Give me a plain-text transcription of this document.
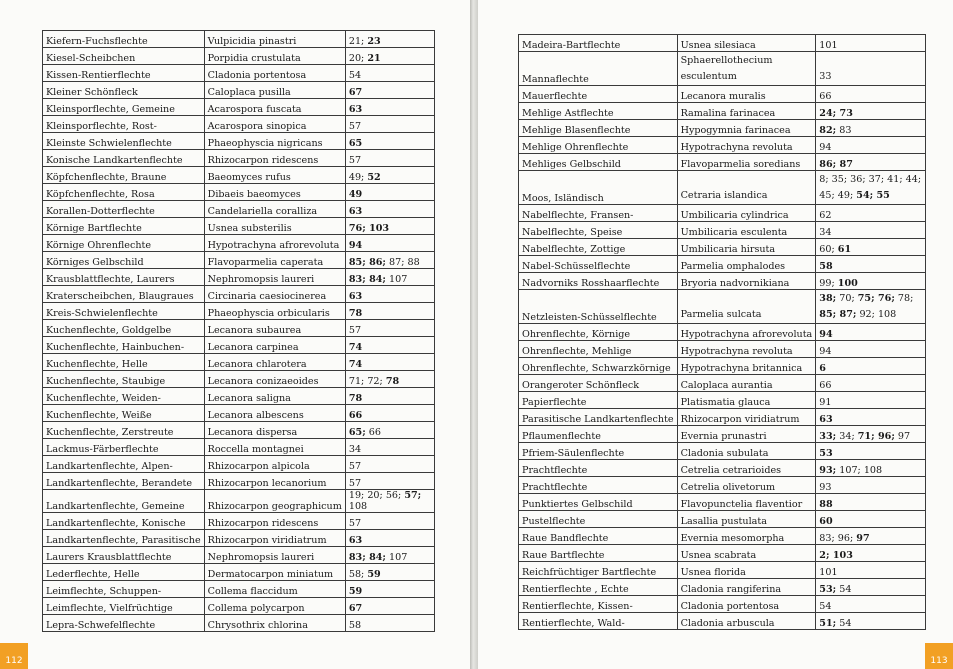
Kiefern-Fuchsflechte	Vulpicidia pinastri	21; 23
Kiesel-Scheibchen	Porpidia crustulata	20; 21
Kissen-Rentierflechte	Cladonia portentosa	54
Kleiner Schönfleck	Caloplaca pusilla	67
Kleinsporflechte, Gemeine	Acarospora fuscata	63
Kleinsporflechte, Rost-	Acarospora sinopica	57
Kleinste Schwielenflechte	Phaeophyscia nigricans	65
Konische Landkartenflechte	Rhizocarpon ridescens	57
Köpfchenflechte, Braune	Baeomyces rufus	49; 52
Köpfchenflechte, Rosa	Dibaeis baeomyces	49
Korallen-Dotterflechte	Candelariella coralliza	63
Körnige Bartflechte	Usnea substerilis	76; 103
Körnige Ohrenflechte	Hypotrachyna afrorevoluta	94
Körniges Gelbschild	Flavoparmelia caperata	85; 86; 87; 88
Krausblattflechte, Laurers	Nephromopsis laureri	83; 84; 107
Kraterscheibchen, Blaugraues	Circinaria caesiocinerea	63
Kreis-Schwielenflechte	Phaeophyscia orbicularis	78
Kuchenflechte, Goldgelbe	Lecanora subaurea	57
Kuchenflechte, Hainbuchen-	Lecanora carpinea	74
Kuchenflechte, Helle	Lecanora chlarotera	74
Kuchenflechte, Staubige	Lecanora conizaeoides	71; 72; 78
Kuchenflechte, Weiden-	Lecanora saligna	78
Kuchenflechte, Weiße	Lecanora albescens	66
Kuchenflechte, Zerstreute	Lecanora dispersa	65; 66
Lackmus-Färberflechte	Roccella montagnei	34
Landkartenflechte, Alpen-	Rhizocarpon alpicola	57
Landkartenflechte, Berandete	Rhizocarpon lecanorium	57
Landkartenflechte, Gemeine	Rhizocarpon geographicum	19; 20; 56; 57; 108
Landkartenflechte, Konische	Rhizocarpon ridescens	57
Landkartenflechte, Parasitische	Rhizocarpon viridiatrum	63
Laurers Krausblattflechte	Nephromopsis laureri	83; 84; 107
Lederflechte, Helle	Dermatocarpon miniatum	58; 59
Leimflechte, Schuppen-	Collema flaccidum	59
Leimflechte, Vielfrüchtige	Collema polycarpon	67
Lepra-Schwefelflechte	Chrysothrix chlorina	58
112
Madeira-Bartflechte	Usnea silesiaca	101
Mannaflechte	Sphaerellothecium esculentum	33
Mauerflechte	Lecanora muralis	66
Mehlige Astflechte	Ramalina farinacea	24; 73
Mehlige Blasenflechte	Hypogymnia farinacea	82; 83
Mehlige Ohrenflechte	Hypotrachyna revoluta	94
Mehliges Gelbschild	Flavoparmelia soredians	86; 87
Moos, Isländisch	Cetraria islandica	8; 35; 36; 37; 41; 44; 45; 49; 54; 55
Nabelflechte, Fransen-	Umbilicaria cylindrica	62
Nabelflechte, Speise	Umbilicaria esculenta	34
Nabelflechte, Zottige	Umbilicaria hirsuta	60; 61
Nabel-Schüsselflechte	Parmelia omphalodes	58
Nadvorniks Rosshaarflechte	Bryoria nadvornikiana	99; 100
Netzleisten-Schüsselflechte	Parmelia sulcata	38; 70; 75; 76; 78; 85; 87; 92; 108
Ohrenflechte, Körnige	Hypotrachyna afrorevoluta	94
Ohrenflechte, Mehlige	Hypotrachyna revoluta	94
Ohrenflechte, Schwarzkörnige	Hypotrachyna britannica	6
Orangeroter Schönfleck	Caloplaca aurantia	66
Papierflechte	Platismatia glauca	91
Parasitische Landkartenflechte	Rhizocarpon viridiatrum	63
Pflaumenflechte	Evernia prunastri	33; 34; 71; 96; 97
Pfriem-Säulenflechte	Cladonia subulata	53
Prachtflechte	Cetrelia cetrarioides	93; 107; 108
Prachtflechte	Cetrelia olivetorum	93
Punktiertes Gelbschild	Flavopunctelia flaventior	88
Pustelflechte	Lasallia pustulata	60
Raue Bandflechte	Evernia mesomorpha	83; 96; 97
Raue Bartflechte	Usnea scabrata	2; 103
Reichfrüchtiger Bartflechte	Usnea florida	101
Rentierflechte , Echte	Cladonia rangiferina	53; 54
Rentierflechte, Kissen-	Cladonia portentosa	54
Rentierflechte, Wald-	Cladonia arbuscula	51; 54
113
